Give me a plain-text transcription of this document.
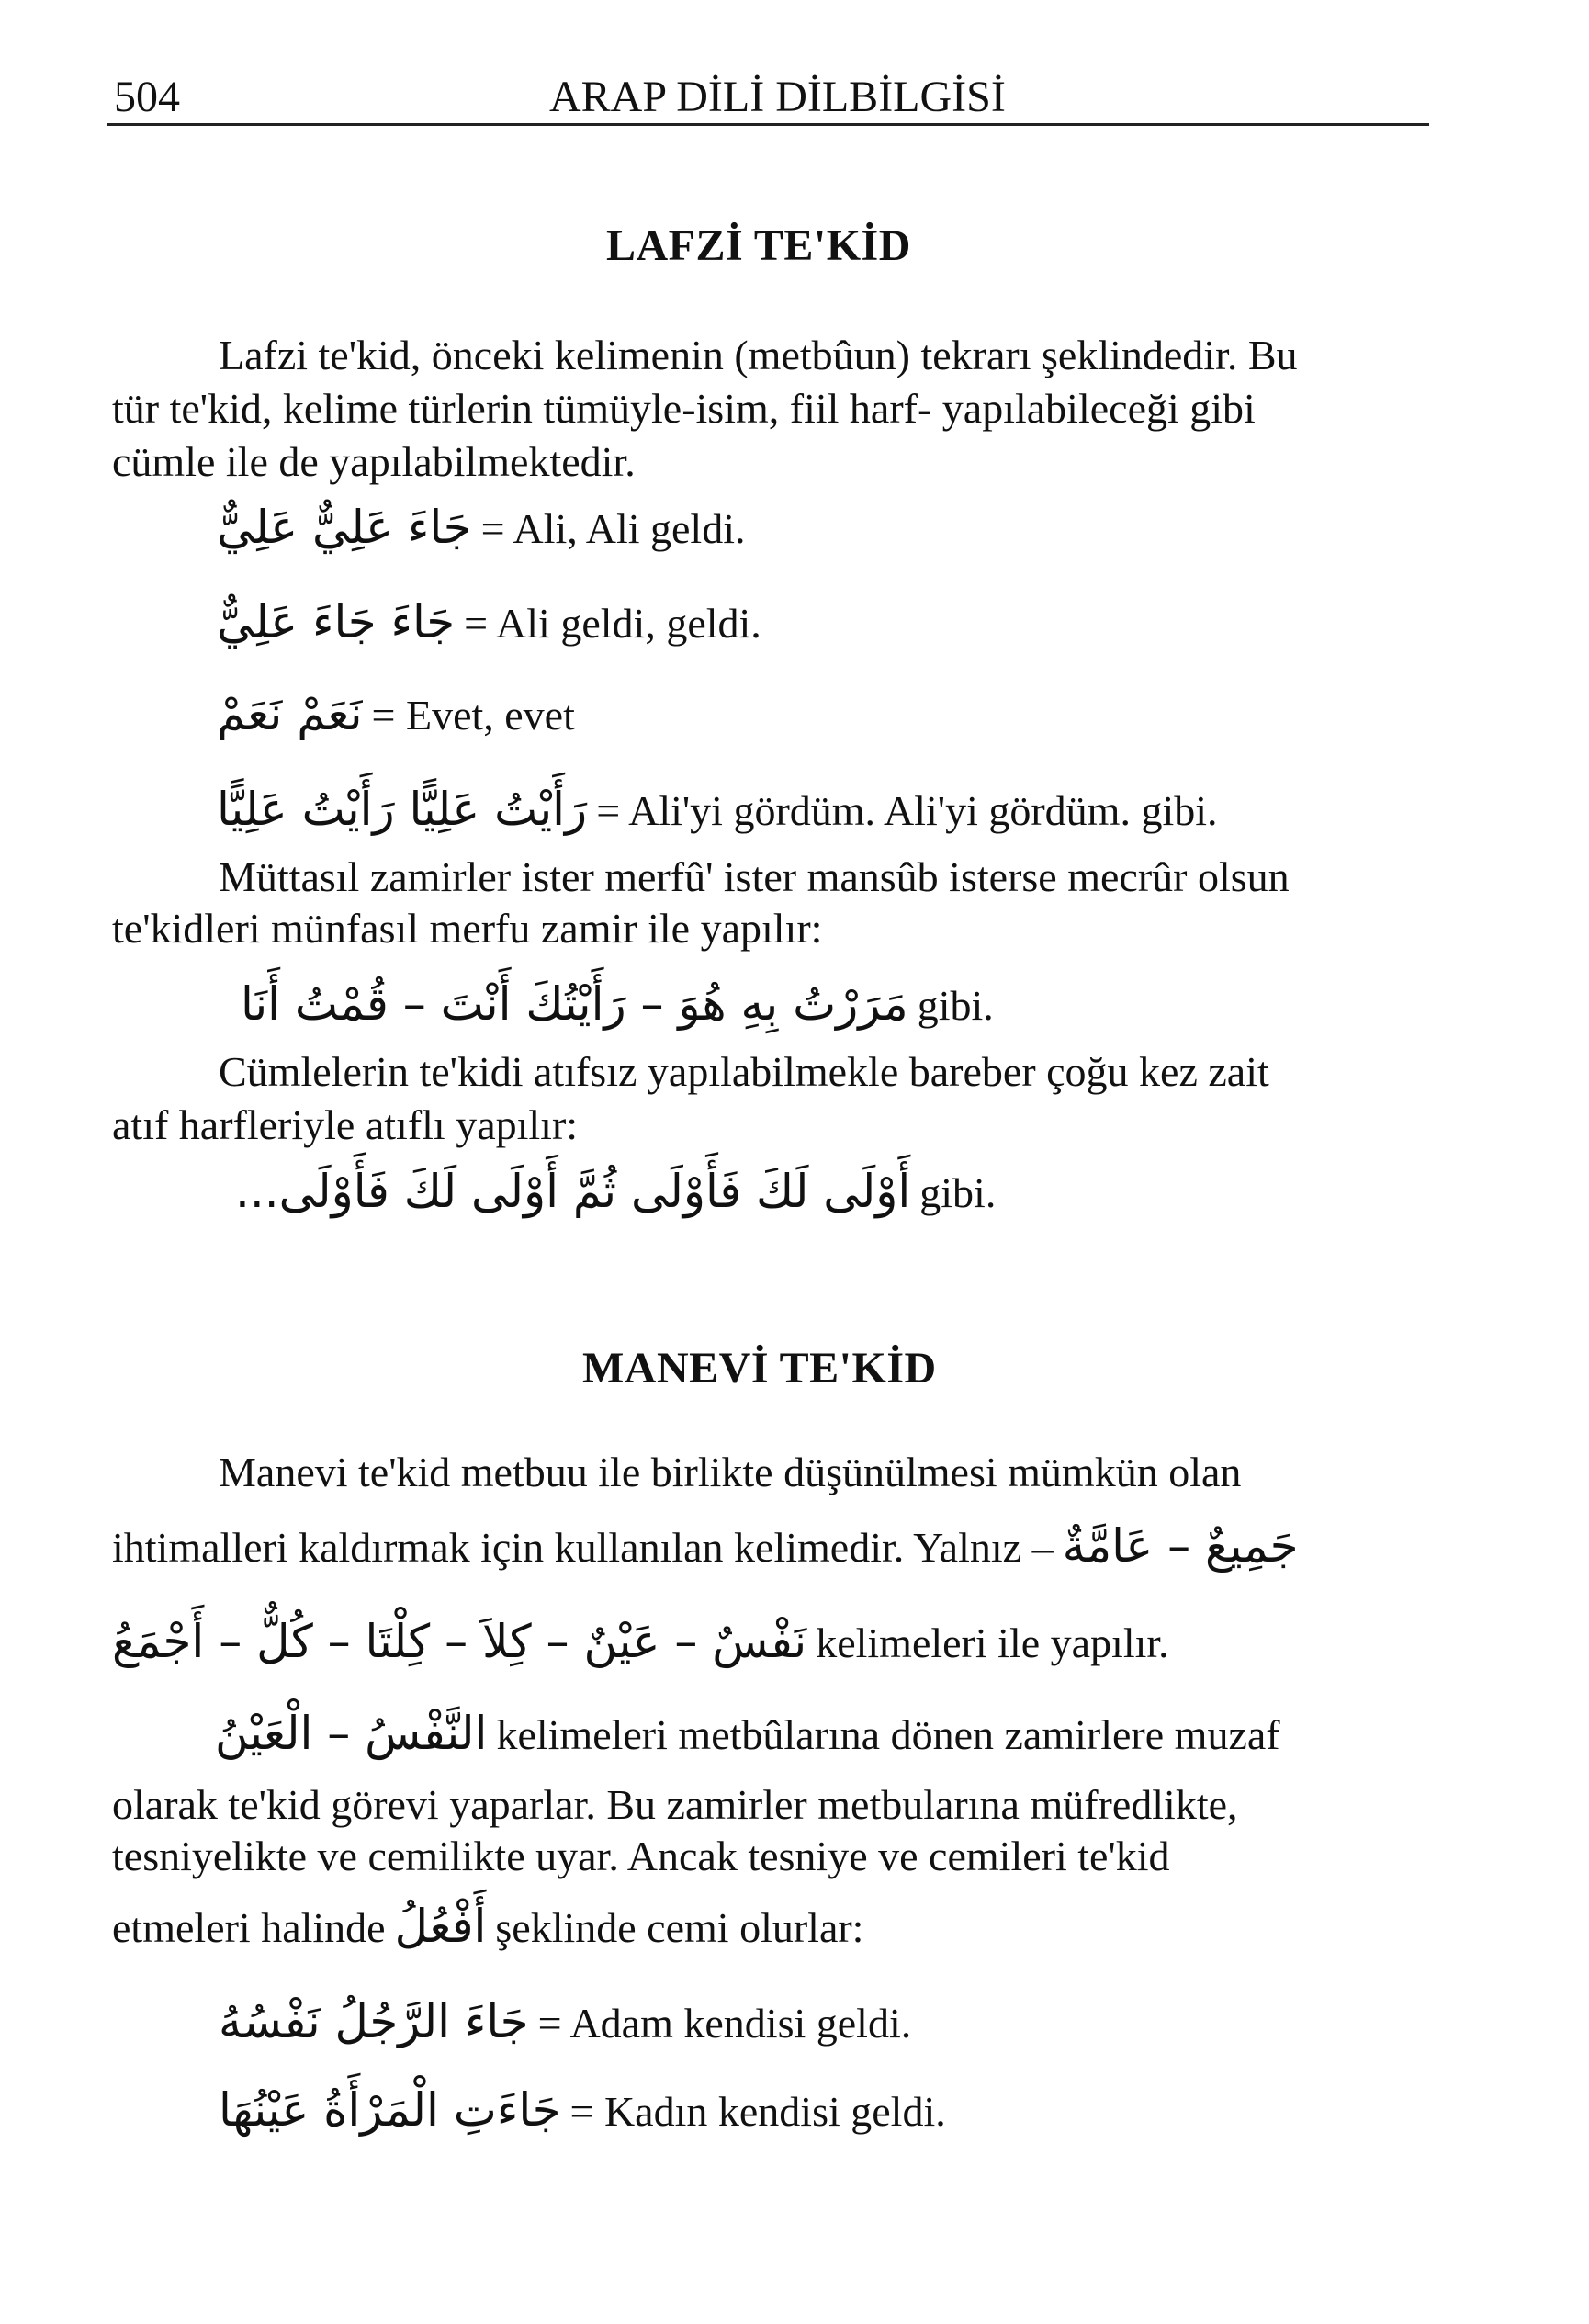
504	ARAP DİLİ DİLBİLGİSİ
LAFZİ TE'KİD
Lafzi te'kid, önceki kelimenin (metbûun) tekrarı şeklindedir. Bu
tür te'kid, kelime türlerin tümüyle-isim, fiil harf- yapılabileceği gibi
cümle ile de yapılabilmektedir.
جَاءَ عَلِيٌّ عَلِيٌّ = Ali, Ali geldi.
جَاءَ جَاءَ عَلِيٌّ = Ali geldi, geldi.
نَعَمْ نَعَمْ = Evet, evet
رَأَيْتُ عَلِيًّا رَأَيْتُ عَلِيًّا = Ali'yi gördüm. Ali'yi gördüm. gibi.
Müttasıl zamirler ister merfû' ister mansûb isterse mecrûr olsun
te'kidleri münfasıl merfu zamir ile yapılır:
مَرَرْتُ بِهِ هُوَ – رَأَيْتُكَ أَنْتَ – قُمْتُ أَنَا gibi.
Cümlelerin te'kidi atıfsız yapılabilmekle bareber çoğu kez zait
atıf harfleriyle atıflı yapılır:
أَوْلَى لَكَ فَأَوْلَى ثُمَّ أَوْلَى لَكَ فَأَوْلَى... gibi.
MANEVİ TE'KİD
Manevi te'kid metbuu ile birlikte düşünülmesi mümkün olan
ihtimalleri kaldırmak için kullanılan kelimedir. Yalnız – جَمِيعٌ – عَامَّةٌ
نَفْسٌ – عَيْنٌ – كِلاَ – كِلْتَا – كُلٌّ – أَجْمَعُ kelimeleri ile yapılır.
النَّفْسُ – الْعَيْنُ kelimeleri metbûlarına dönen zamirlere muzaf
olarak te'kid görevi yaparlar. Bu zamirler metbularına müfredlikte,
tesniyelikte ve cemilikte uyar. Ancak tesniye ve cemileri te'kid
etmeleri halinde أَفْعُلُ şeklinde cemi olurlar:
جَاءَ الرَّجُلُ نَفْسُهُ = Adam kendisi geldi.
جَاءَتِ الْمَرْأَةُ عَيْنُهَا = Kadın kendisi geldi.
